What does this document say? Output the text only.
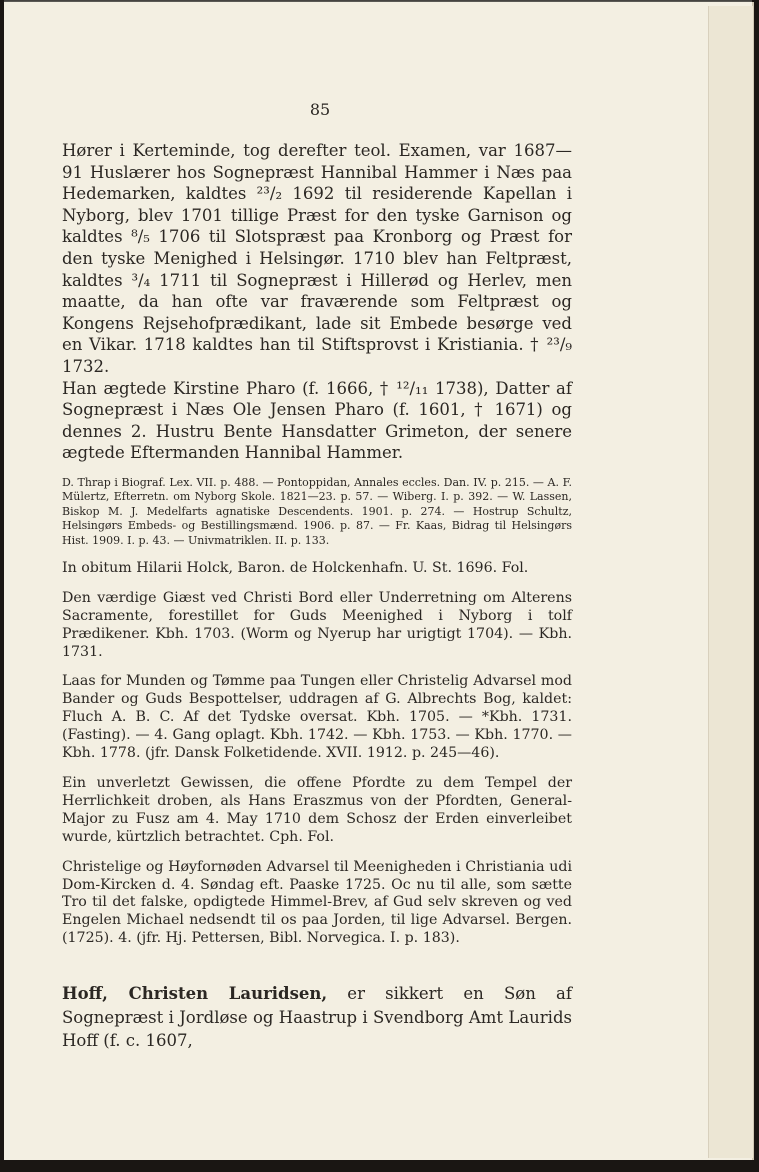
85

Hører i Kerteminde, tog derefter teol. Examen, var 1687—91 Huslærer hos Sognepræst Hannibal Hammer i Næs paa Hedemarken, kaldtes ²³/₂ 1692 til residerende Kapellan i Nyborg, blev 1701 tillige Præst for den tyske Garnison og kaldtes ⁸/₅ 1706 til Slotspræst paa Kronborg og Præst for den tyske Menighed i Helsingør. 1710 blev han Feltpræst, kaldtes ³/₄ 1711 til Sognepræst i Hillerød og Herlev, men maatte, da han ofte var fraværende som Feltpræst og Kongens Rejsehofprædikant, lade sit Embede besørge ved en Vikar. 1718 kaldtes han til Stiftsprovst i Kristiania. † ²³/₉ 1732.

Han ægtede Kirstine Pharo (f. 1666, † ¹²/₁₁ 1738), Datter af Sognepræst i Næs Ole Jensen Pharo (f. 1601, † 1671) og dennes 2. Hustru Bente Hansdatter Grimeton, der senere ægtede Eftermanden Hannibal Hammer.

D. Thrap i Biograf. Lex. VII. p. 488. — Pontoppidan, Annales eccles. Dan. IV. p. 215. — A. F. Mülertz, Efterretn. om Nyborg Skole. 1821—23. p. 57. — Wiberg. I. p. 392. — W. Lassen, Biskop M. J. Medelfarts agnatiske Descendents. 1901. p. 274. — Hostrup Schultz, Helsingørs Embeds- og Bestillingsmænd. 1906. p. 87. — Fr. Kaas, Bidrag til Helsingørs Hist. 1909. I. p. 43. — Univmatriklen. II. p. 133.

In obitum Hilarii Holck, Baron. de Holckenhafn. U. St. 1696. Fol.

Den værdige Giæst ved Christi Bord eller Underretning om Alterens Sacramente, forestillet for Guds Meenighed i Nyborg i tolf Prædikener. Kbh. 1703. (Worm og Nyerup har urigtigt 1704). — Kbh. 1731.

Laas for Munden og Tømme paa Tungen eller Christelig Advarsel mod Bander og Guds Bespottelser, uddragen af G. Albrechts Bog, kaldet: Fluch A. B. C. Af det Tydske oversat. Kbh. 1705. — *Kbh. 1731. (Fasting). — 4. Gang oplagt. Kbh. 1742. — Kbh. 1753. — Kbh. 1770. — Kbh. 1778. (jfr. Dansk Folketidende. XVII. 1912. p. 245—46).

Ein unverletzt Gewissen, die offene Pfordte zu dem Tempel der Herrlichkeit droben, als Hans Eraszmus von der Pfordten, General-Major zu Fusz am 4. May 1710 dem Schosz der Erden einverleibet wurde, kürtzlich betrachtet. Cph. Fol.

Christelige og Høyfornøden Advarsel til Meenigheden i Christiania udi Dom-Kircken d. 4. Søndag eft. Paaske 1725. Oc nu til alle, som sætte Tro til det falske, opdigtede Himmel-Brev, af Gud selv skreven og ved Engelen Michael nedsendt til os paa Jorden, til lige Advarsel. Bergen. (1725). 4. (jfr. Hj. Pettersen, Bibl. Norvegica. I. p. 183).

Hoff, Christen Lauridsen, er sikkert en Søn af Sognepræst i Jordløse og Haastrup i Svendborg Amt Laurids Hoff (f. c. 1607,
